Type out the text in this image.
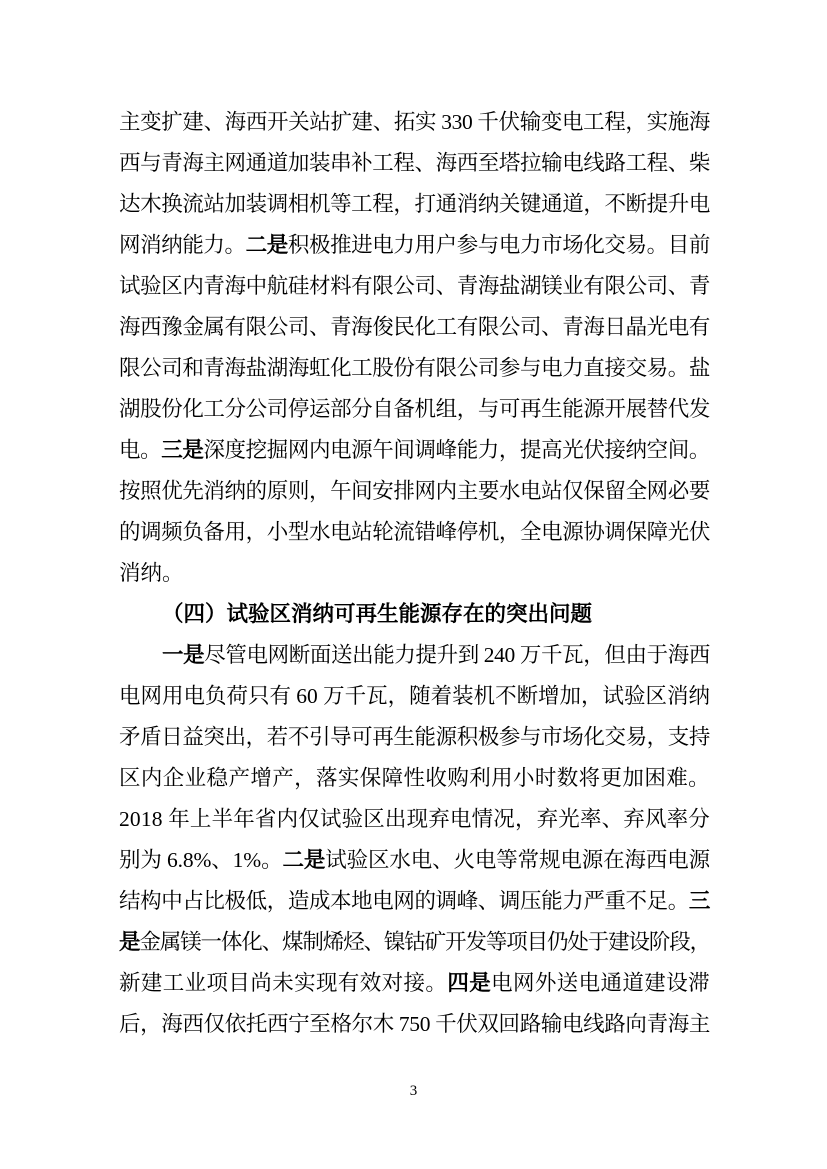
主变扩建、海西开关站扩建、拓实 330 千伏输变电工程，实施海
西与青海主网通道加装串补工程、海西至塔拉输电线路工程、柴
达木换流站加装调相机等工程，打通消纳关键通道，不断提升电
网消纳能力。二是积极推进电力用户参与电力市场化交易。目前
试验区内青海中航硅材料有限公司、青海盐湖镁业有限公司、青
海西豫金属有限公司、青海俊民化工有限公司、青海日晶光电有
限公司和青海盐湖海虹化工股份有限公司参与电力直接交易。盐
湖股份化工分公司停运部分自备机组，与可再生能源开展替代发
电。三是深度挖掘网内电源午间调峰能力，提高光伏接纳空间。
按照优先消纳的原则，午间安排网内主要水电站仅保留全网必要
的调频负备用，小型水电站轮流错峰停机，全电源协调保障光伏
消纳。
（四）试验区消纳可再生能源存在的突出问题
一是尽管电网断面送出能力提升到 240 万千瓦，但由于海西
电网用电负荷只有 60 万千瓦，随着装机不断增加，试验区消纳
矛盾日益突出，若不引导可再生能源积极参与市场化交易，支持
区内企业稳产增产，落实保障性收购利用小时数将更加困难。
2018 年上半年省内仅试验区出现弃电情况，弃光率、弃风率分
别为 6.8%、1%。二是试验区水电、火电等常规电源在海西电源
结构中占比极低，造成本地电网的调峰、调压能力严重不足。三
是金属镁一体化、煤制烯烃、镍钴矿开发等项目仍处于建设阶段，
新建工业项目尚未实现有效对接。四是电网外送电通道建设滞
后，海西仅依托西宁至格尔木 750 千伏双回路输电线路向青海主
3
